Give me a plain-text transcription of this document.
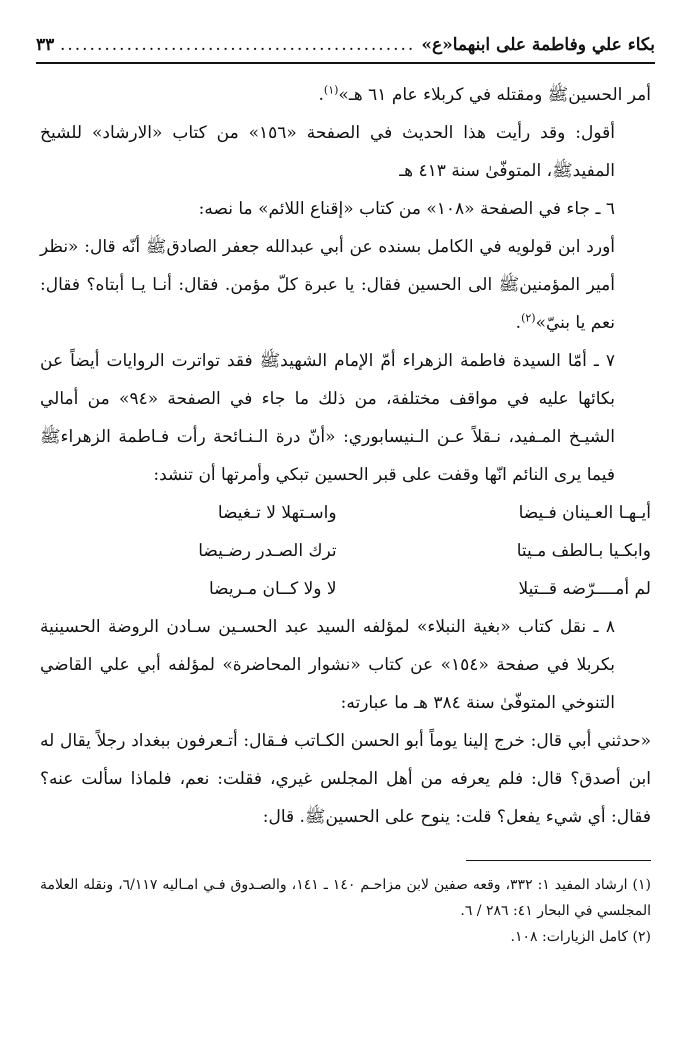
بكاء علي وفاطمة على ابنهما«ع»
................................................
٣٣

أمر الحسين‌ﷺ ومقتله في كربلاء عام ٦١ هـ»$^{(١)}$.

أقول: وقد رأيت هذا الحديث في الصفحة «١٥٦» من كتاب «الارشاد» للشيخ المفيد‌ﷺ، المتوفّىٰ سنة ٤١٣ هـ

٦ ـ جاء في الصفحة «١٠٨» من كتاب «إقناع اللائم» ما نصه:

أورد ابن قولويه في الكامل بسنده عن أبي عبدالله جعفر الصادق‌ﷺ أنّه قال: «نظر أمير المؤمنين‌ﷺ الى الحسين فقال: يا عبرة كلّ مؤمن. فقال: أنـا يـا أبتاه؟ فقال: نعم يا بنيّ»$^{(٢)}$.

٧ ـ أمّا السيدة فاطمة الزهراء أمّ الإمام الشهيد‌ﷺ فقد تواترت الروايات أيضاً عن بكائها عليه في مواقف مختلفة، من ذلك ما جاء في الصفحة «٩٤» من أمالي الشيـخ المـفيد، نـقلاً عـن الـنيسابوري: «أنّ درة الـنـائحة رأت فـاطمة الزهراء‌ﷺ فيما يرى النائم انّها وقفت على قبر الحسين تبكي وأمرتها أن تنشد:

أيـهـا العـينان فـيضا
واسـتهلا لا تـغيضا
وابكـيا بـالطف مـيتا
ترك الصـدر رضـيضا
لم أمــــرّضه قــتيلا
لا ولا كــان مـريضا

٨ ـ نقل كتاب «بغية النبلاء» لمؤلفه السيد عبد الحسـين سـادن الروضة الحسينية بكربلا في صفحة «١٥٤» عن كتاب «نشوار المحاضرة» لمؤلفه أبي علي القاضي التنوخي المتوفّىٰ سنة ٣٨٤ هـ ما عبارته:

«حدثني أبي قال: خرج إلينا يوماً أبو الحسن الكـاتب فـقال: أتـعرفون ببغداد رجلاً يقال له ابن أصدق؟ قال: فلم يعرفه من أهل المجلس غيري، فقلت: نعم، فلماذا سألت عنه؟ فقال: أي شيء يفعل؟ قلت: ينوح على الحسين‌ﷺ. قال:

(١) ارشاد المفيد ١: ٣٣٢، وقعه صفين لابن مزاحـم ١٤٠ ـ ١٤١، والصـدوق فـي امـاليه ٦/١١٧، ونقله العلامة المجلسي في البحار ٤١: ٢٨٦ / ٦.

(٢) كامل الزيارات: ١٠٨.
